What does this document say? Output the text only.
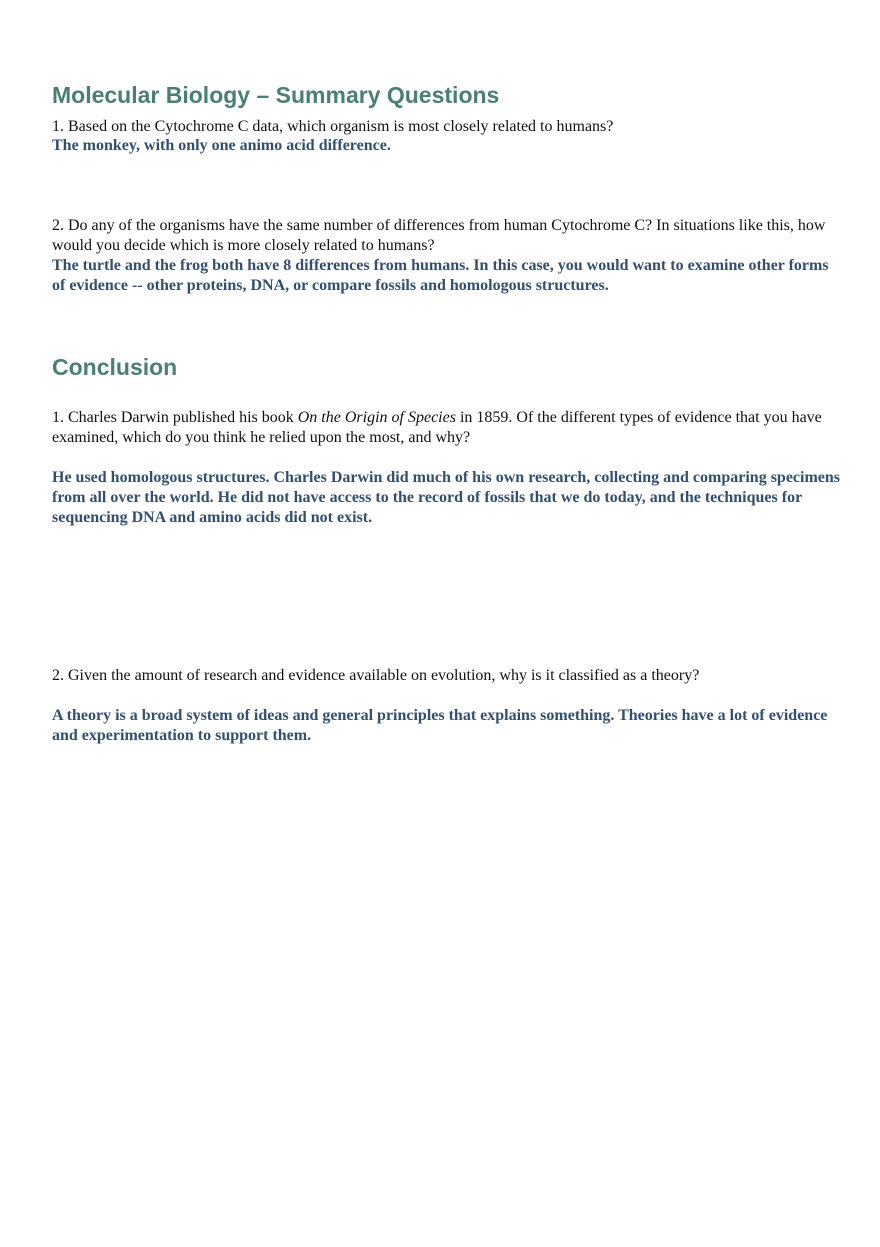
Molecular Biology – Summary Questions

1. Based on the Cytochrome C data, which organism is most closely related to humans?

The monkey, with only one animo acid difference.

2. Do any of the organisms have the same number of differences from human Cytochrome C? In situations like this, how would you decide which is more closely related to humans?

The turtle and the frog both have 8 differences from humans. In this case, you would want to examine other forms of evidence -- other proteins, DNA, or compare fossils and homologous structures.

Conclusion

1. Charles Darwin published his book On the Origin of Species in 1859. Of the different types of evidence that you have examined, which do you think he relied upon the most, and why?

He used homologous structures. Charles Darwin did much of his own research, collecting and comparing specimens from all over the world. He did not have access to the record of fossils that we do today, and the techniques for sequencing DNA and amino acids did not exist.

2. Given the amount of research and evidence available on evolution, why is it classified as a theory?

A theory is a broad system of ideas and general principles that explains something. Theories have a lot of evidence and experimentation to support them.
